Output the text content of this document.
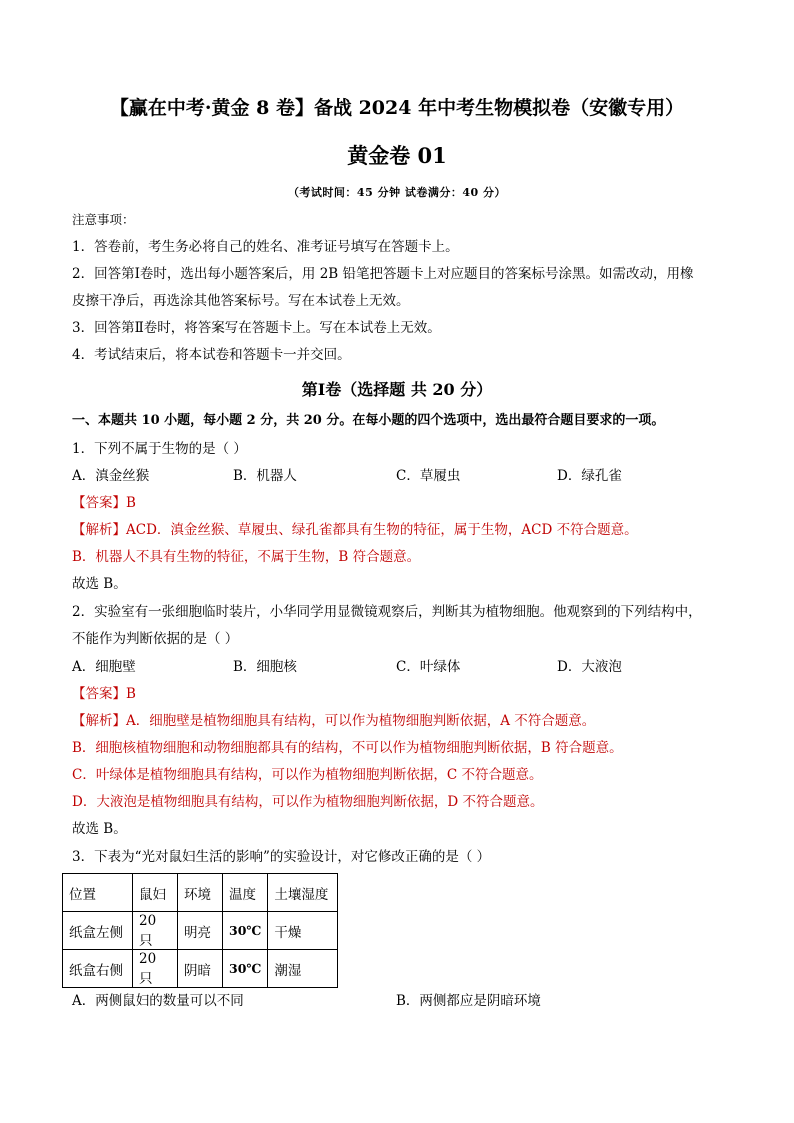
【赢在中考·黄金 8 卷】备战 2024 年中考生物模拟卷（安徽专用）
黄金卷 01
（考试时间：45 分钟 试卷满分：40 分）
注意事项：
1．答卷前，考生务必将自己的姓名、准考证号填写在答题卡上。
2．回答第Ⅰ卷时，选出每小题答案后，用 2B 铅笔把答题卡上对应题目的答案标号涂黑。如需改动，用橡
皮擦干净后，再选涂其他答案标号。写在本试卷上无效。
3．回答第Ⅱ卷时，将答案写在答题卡上。写在本试卷上无效。
4．考试结束后，将本试卷和答题卡一并交回。
第Ⅰ卷（选择题 共 20 分）
一、本题共 10 小题，每小题 2 分，共 20 分。在每小题的四个选项中，选出最符合题目要求的一项。
1．下列不属于生物的是（ ）
A．滇金丝猴	B．机器人	C．草履虫	D．绿孔雀
【答案】B
【解析】ACD．滇金丝猴、草履虫、绿孔雀都具有生物的特征，属于生物，ACD 不符合题意。
B．机器人不具有生物的特征，不属于生物，B 符合题意。
故选 B。
2．实验室有一张细胞临时装片，小华同学用显微镜观察后，判断其为植物细胞。他观察到的下列结构中，
不能作为判断依据的是（ ）
A．细胞壁	B．细胞核	C．叶绿体	D．大液泡
【答案】B
【解析】A．细胞壁是植物细胞具有结构，可以作为植物细胞判断依据，A 不符合题意。
B．细胞核植物细胞和动物细胞都具有的结构，不可以作为植物细胞判断依据，B 符合题意。
C．叶绿体是植物细胞具有结构，可以作为植物细胞判断依据，C 不符合题意。
D．大液泡是植物细胞具有结构，可以作为植物细胞判断依据，D 不符合题意。
故选 B。
3．下表为“光对鼠妇生活的影响”的实验设计，对它修改正确的是（ ）
位置	鼠妇	环境	温度	土壤湿度
纸盒左侧	20 只	明亮	30℃	干燥
纸盒右侧	20 只	阴暗	30℃	潮湿
A．两侧鼠妇的数量可以不同	B．两侧都应是阴暗环境
